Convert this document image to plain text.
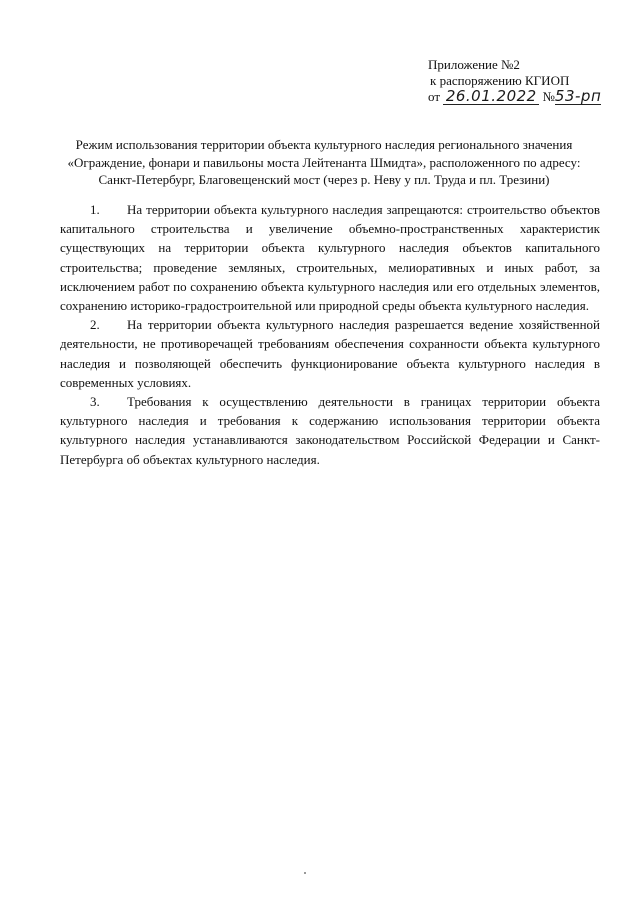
Приложение №2
к распоряжению КГИОП
от 26.01.2022 №53-рп
Режим использования территории объекта культурного наследия регионального значения
«Ограждение, фонари и павильоны моста Лейтенанта Шмидта», расположенного по адресу:
Санкт-Петербург, Благовещенский мост (через р. Неву у пл. Труда и пл. Трезини)

1. На территории объекта культурного наследия запрещаются: строительство объектов капитального строительства и увеличение объемно-пространственных характеристик существующих на территории объекта культурного наследия объектов капитального строительства; проведение земляных, строительных, мелиоративных и иных работ, за исключением работ по сохранению объекта культурного наследия или его отдельных элементов, сохранению историко-градостроительной или природной среды объекта культурного наследия.

2. На территории объекта культурного наследия разрешается ведение хозяйственной деятельности, не противоречащей требованиям обеспечения сохранности объекта культурного наследия и позволяющей обеспечить функционирование объекта культурного наследия в современных условиях.

3. Требования к осуществлению деятельности в границах территории объекта культурного наследия и требования к содержанию использования территории объекта культурного наследия устанавливаются законодательством Российской Федерации и Санкт-Петербурга об объектах культурного наследия.
